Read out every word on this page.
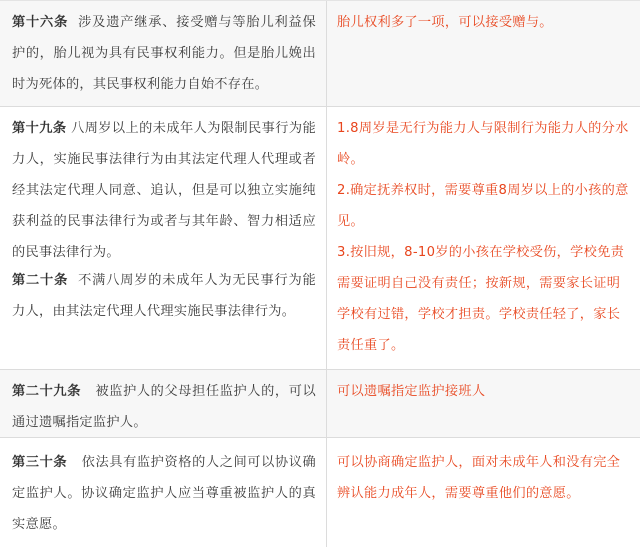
第十六条 涉及遗产继承、接受赠与等胎儿利益保护的，胎儿视为具有民事权利能力。但是胎儿娩出时为死体的，其民事权利能力自始不存在。

胎儿权利多了一项，可以接受赠与。

第十九条 八周岁以上的未成年人为限制民事行为能力人，实施民事法律行为由其法定代理人代理或者经其法定代理人同意、追认，但是可以独立实施纯获利益的民事法律行为或者与其年龄、智力相适应的民事法律行为。

第二十条 不满八周岁的未成年人为无民事行为能力人，由其法定代理人代理实施民事法律行为。

1.8周岁是无行为能力人与限制行为能力人的分水岭。

2.确定抚养权时，需要尊重8周岁以上的小孩的意见。

3.按旧规，8-10岁的小孩在学校受伤，学校免责需要证明自己没有责任；按新规，需要家长证明学校有过错，学校才担责。学校责任轻了，家长责任重了。

第二十九条 被监护人的父母担任监护人的，可以通过遗嘱指定监护人。

可以遗嘱指定监护接班人

第三十条 依法具有监护资格的人之间可以协议确定监护人。协议确定监护人应当尊重被监护人的真实意愿。

可以协商确定监护人，面对未成年人和没有完全辨认能力成年人，需要尊重他们的意愿。
